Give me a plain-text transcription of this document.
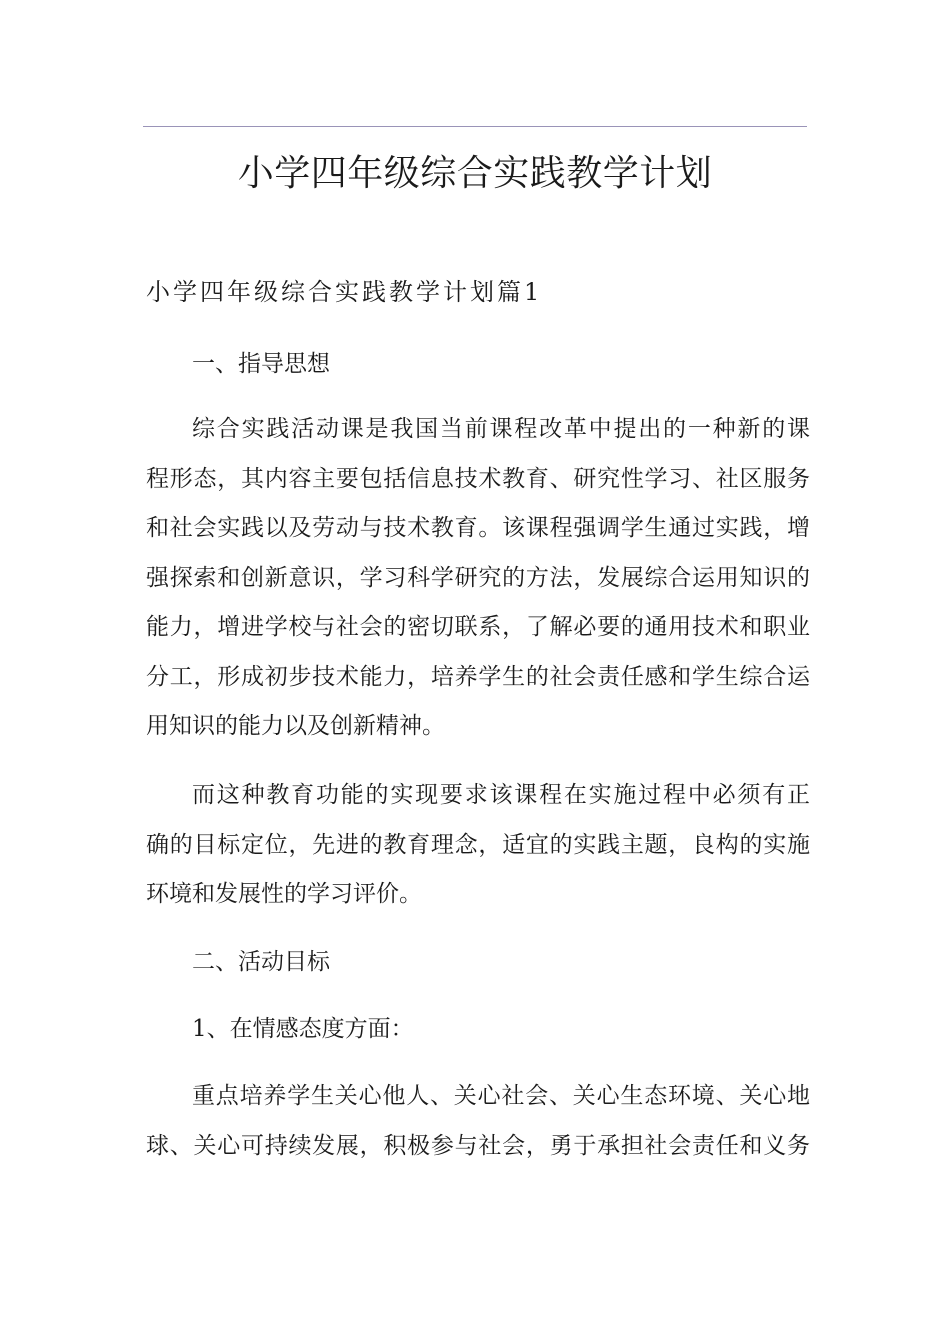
小学四年级综合实践教学计划
小学四年级综合实践教学计划篇1

一、指导思想

综合实践活动课是我国当前课程改革中提出的一种新的课
程形态，其内容主要包括信息技术教育、研究性学习、社区服务
和社会实践以及劳动与技术教育。该课程强调学生通过实践，增
强探索和创新意识，学习科学研究的方法，发展综合运用知识的
能力，增进学校与社会的密切联系，了解必要的通用技术和职业
分工，形成初步技术能力，培养学生的社会责任感和学生综合运
用知识的能力以及创新精神。

而这种教育功能的实现要求该课程在实施过程中必须有正
确的目标定位，先进的教育理念，适宜的实践主题，良构的实施
环境和发展性的学习评价。

二、活动目标

1、在情感态度方面：

重点培养学生关心他人、关心社会、关心生态环境、关心地
球、关心可持续发展，积极参与社会，勇于承担社会责任和义务
